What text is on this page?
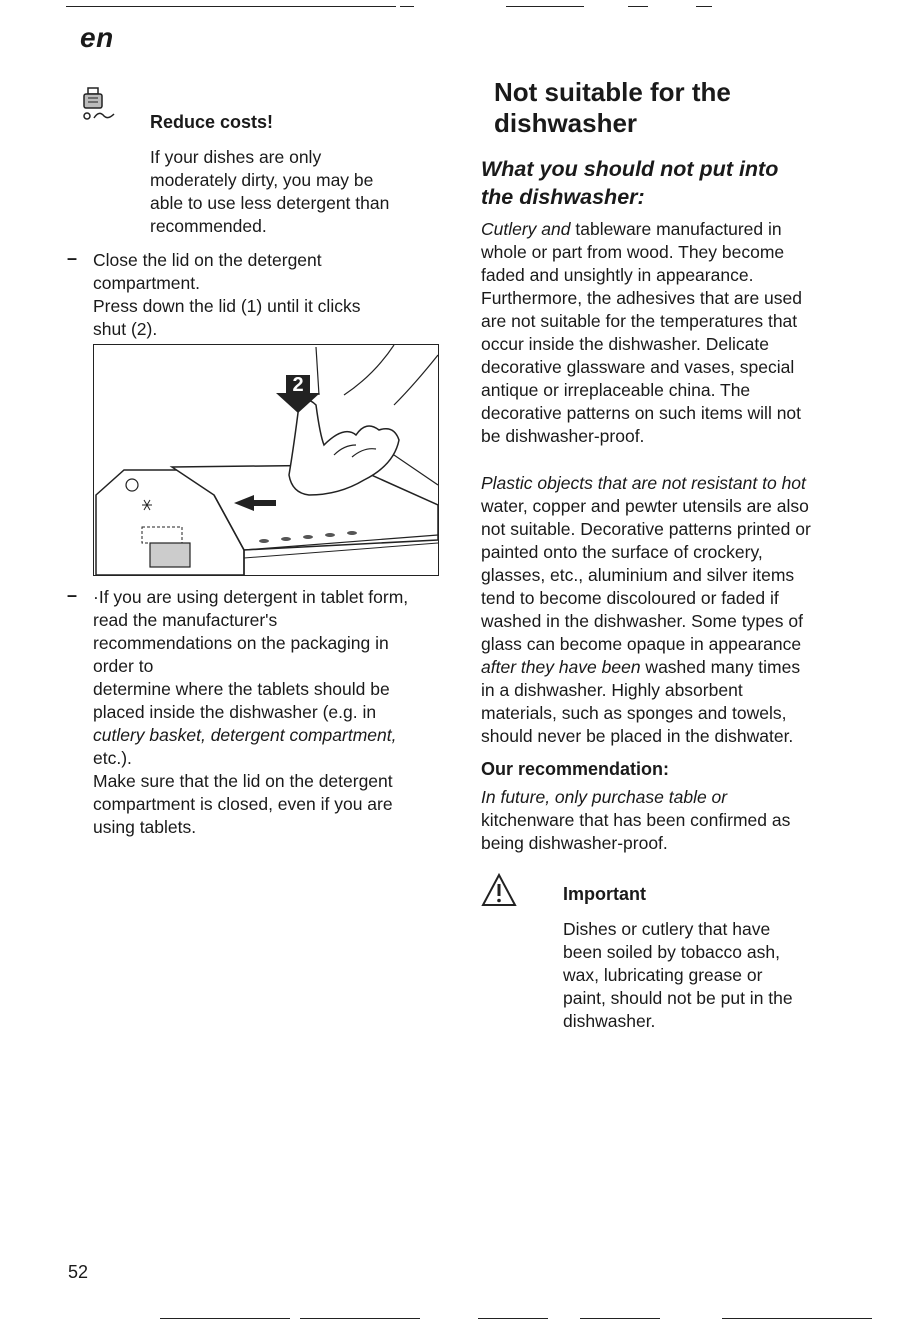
en
Reduce costs!
If your dishes are only
moderately dirty, you may be
able to use less detergent than
recommended.
– Close the lid on the detergent
compartment.
Press down the lid (1) until it clicks
shut (2).
2
– ·If you are using detergent in tablet form,
read the manufacturer's
recommendations on the packaging in
order to
determine where the tablets should be
placed inside the dishwasher (e.g. in
cutlery basket, detergent compartment,
etc.).
Make sure that the lid on the detergent
compartment is closed, even if you are
using tablets.
Not suitable for the
dishwasher
What you should not put into
the dishwasher:
Cutlery and tableware manufactured in
whole or part from wood. They become
faded and unsightly in appearance.
Furthermore, the adhesives that are used
are not suitable for the temperatures that
occur inside the dishwasher. Delicate
decorative glassware and vases, special
antique or irreplaceable china. The
decorative patterns on such items will not
be dishwasher-proof.
Plastic objects that are not resistant to hot
water, copper and pewter utensils are also
not suitable. Decorative patterns printed or
painted onto the surface of crockery,
glasses, etc., aluminium and silver items
tend to become discoloured or faded if
washed in the dishwasher. Some types of
glass can become opaque in appearance
after they have been washed many times
in a dishwasher. Highly absorbent
materials, such as sponges and towels,
should never be placed in the dishwater.
Our recommendation:
In future, only purchase table or
kitchenware that has been confirmed as
being dishwasher-proof.
Important
Dishes or cutlery that have
been soiled by tobacco ash,
wax, lubricating grease or
paint, should not be put in the
dishwasher.
52
